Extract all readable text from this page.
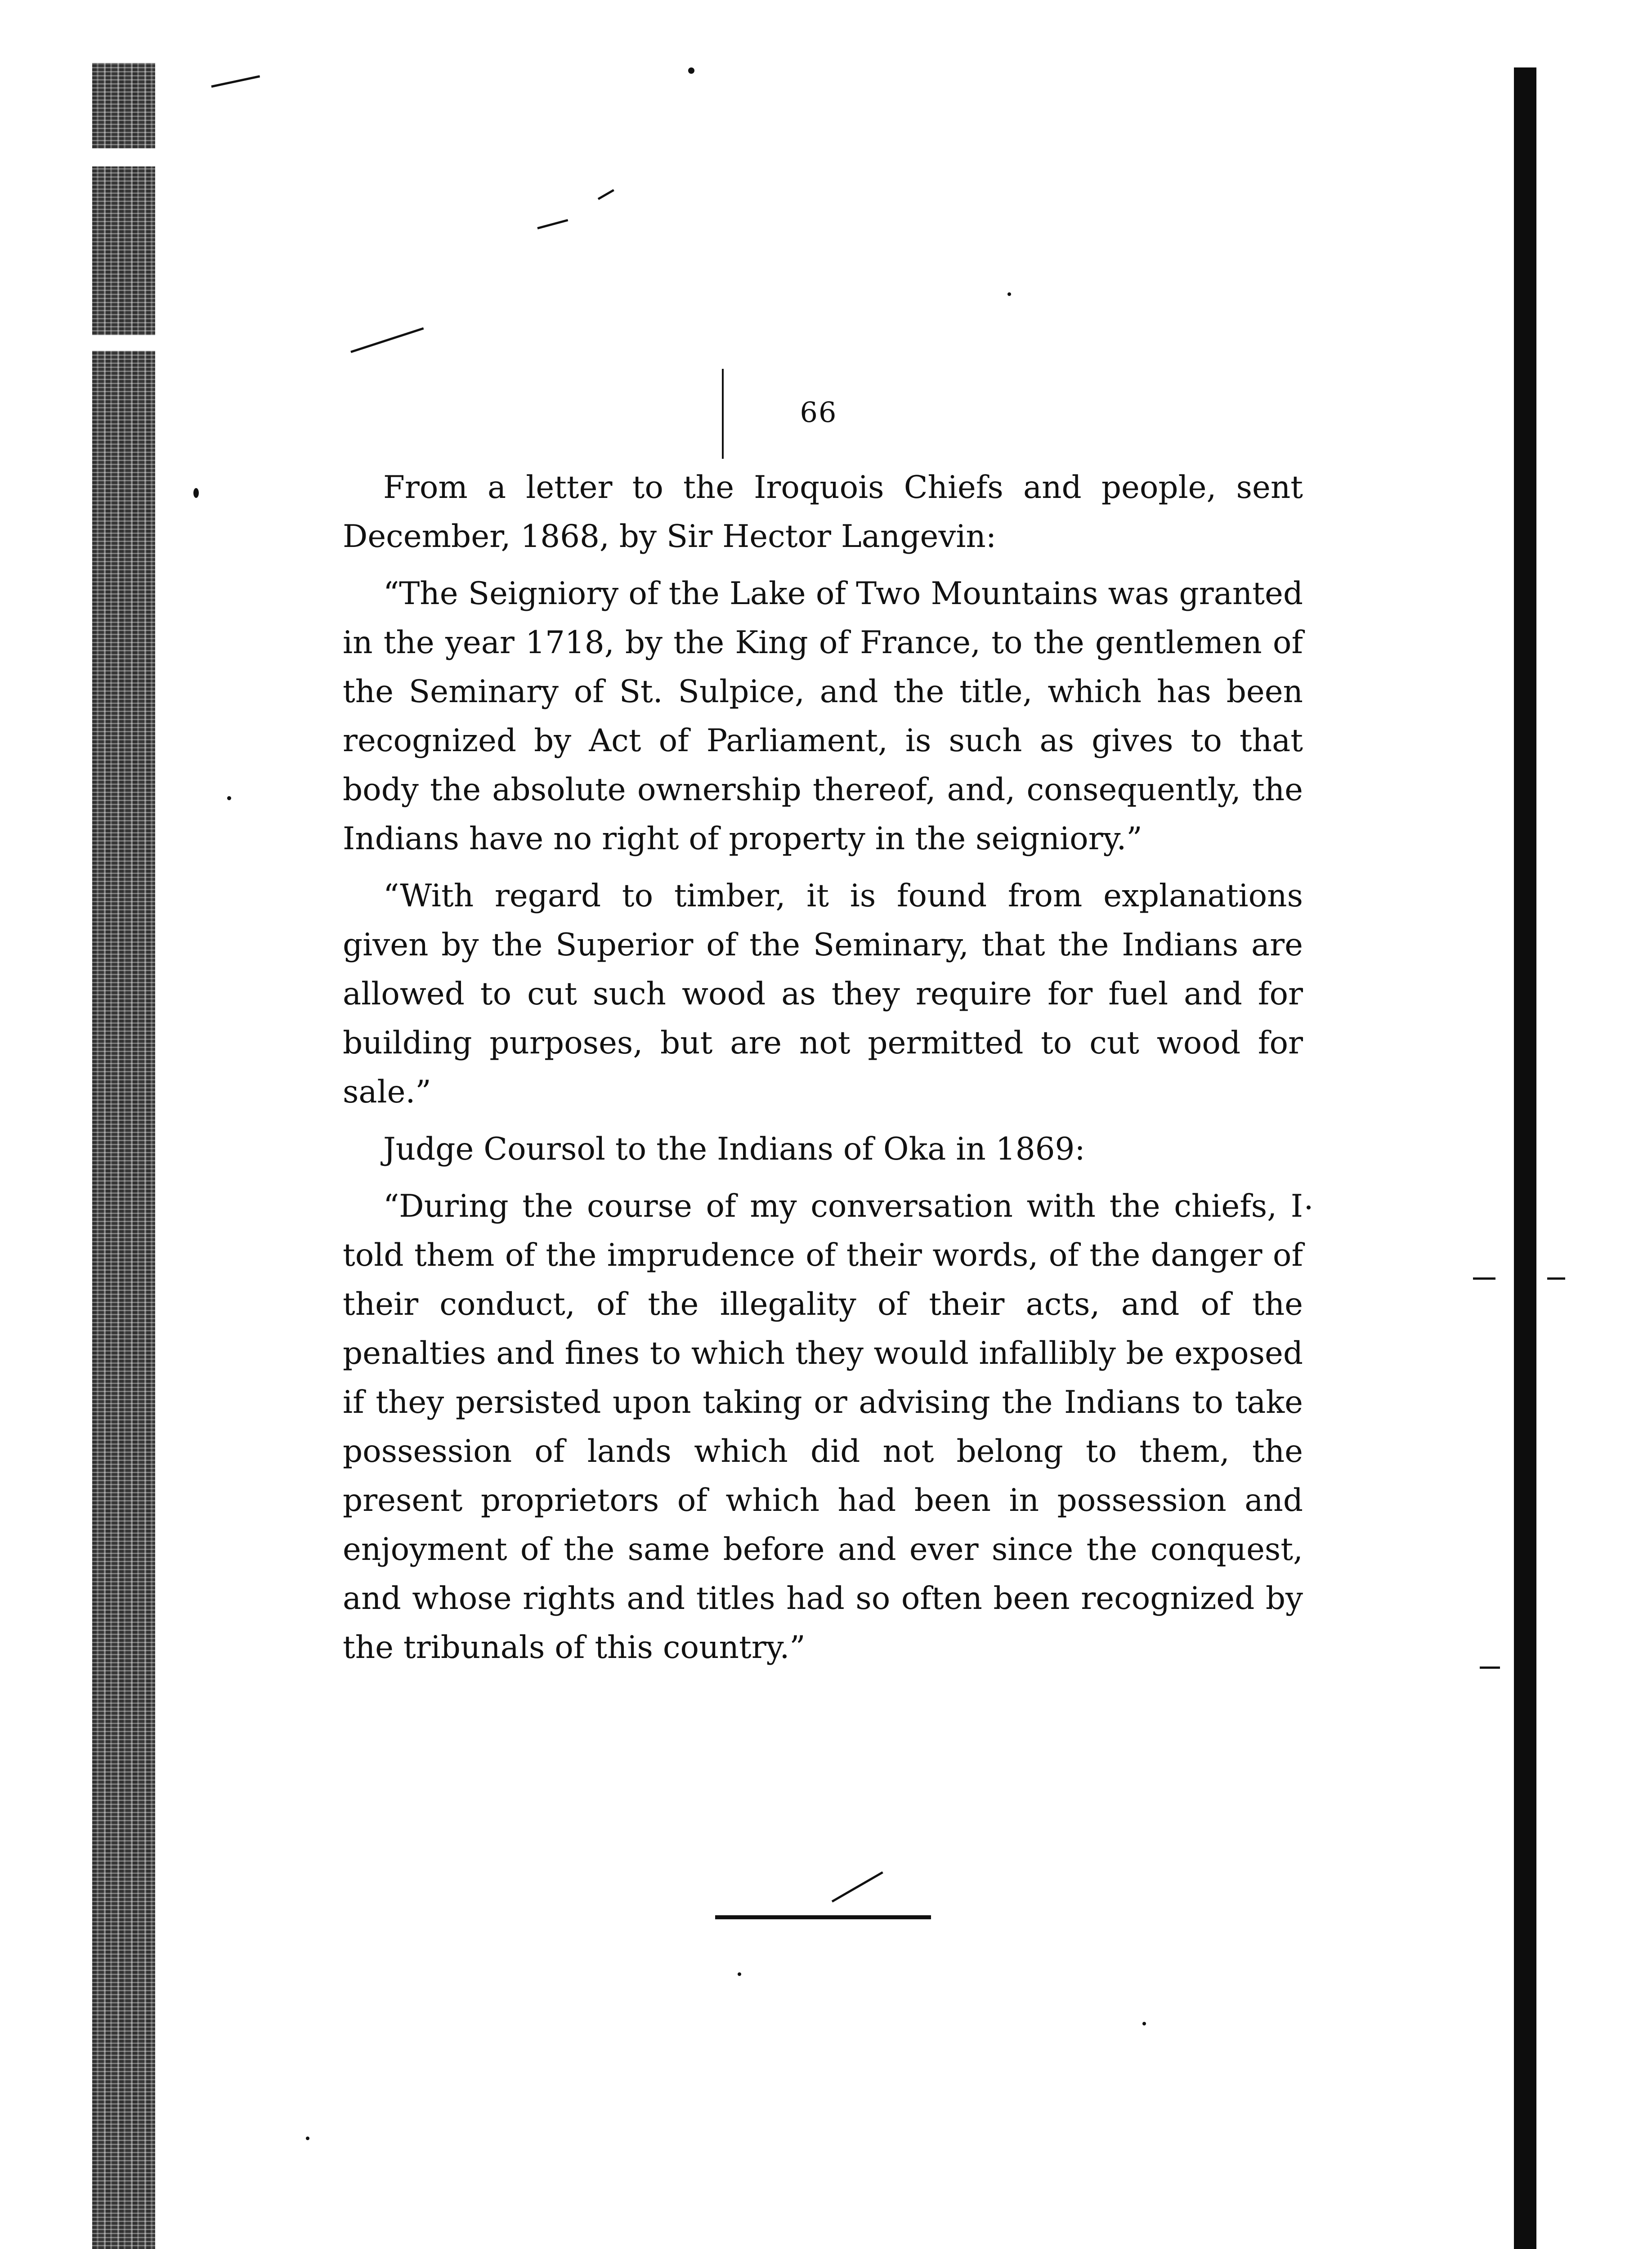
66

From a letter to the Iroquois Chiefs and people, sent December, 1868, by Sir Hector Langevin:

“The Seigniory of the Lake of Two Mountains was granted in the year 1718, by the King of France, to the gentlemen of the Seminary of St. Sulpice, and the title, which has been recognized by Act of Parliament, is such as gives to that body the absolute ownership thereof, and, consequently, the Indians have no right of property in the seigniory.”

“With regard to timber, it is found from explanations given by the Superior of the Seminary, that the Indians are allowed to cut such wood as they require for fuel and for building purposes, but are not permitted to cut wood for sale.”

Judge Coursol to the Indians of Oka in 1869:

“During the course of my conversation with the chiefs, I told them of the imprudence of their words, of the danger of their conduct, of the illegality of their acts, and of the penalties and fines to which they would infallibly be exposed if they persisted upon taking or advising the Indians to take possession of lands which did not belong to them, the present proprietors of which had been in possession and enjoyment of the same before and ever since the conquest, and whose rights and titles had so often been recognized by the tribunals of this country.”
